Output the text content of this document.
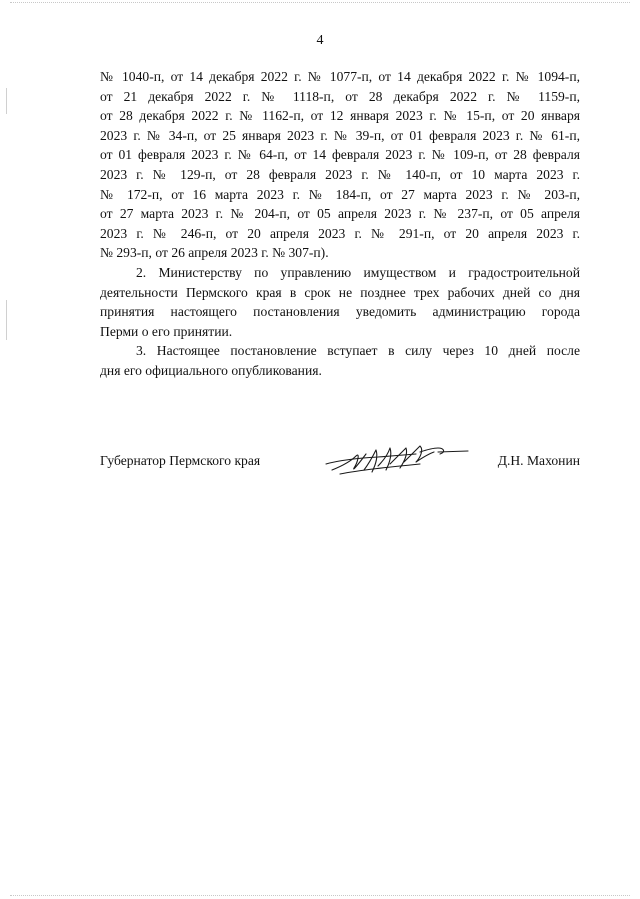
4

№ 1040-п, от 14 декабря 2022 г. № 1077-п, от 14 декабря 2022 г. № 1094-п,
от 21 декабря 2022 г. № 1118-п, от 28 декабря 2022 г. № 1159-п,
от 28 декабря 2022 г. № 1162-п, от 12 января 2023 г. № 15-п, от 20 января
2023 г. № 34-п, от 25 января 2023 г. № 39-п, от 01 февраля 2023 г. № 61-п,
от 01 февраля 2023 г. № 64-п, от 14 февраля 2023 г. № 109-п, от 28 февраля
2023 г. № 129-п, от 28 февраля 2023 г. № 140-п, от 10 марта 2023 г.
№ 172-п, от 16 марта 2023 г. № 184-п, от 27 марта 2023 г. № 203-п,
от 27 марта 2023 г. № 204-п, от 05 апреля 2023 г. № 237-п, от 05 апреля
2023 г. № 246-п, от 20 апреля 2023 г. № 291-п, от 20 апреля 2023 г.
№ 293-п, от 26 апреля 2023 г. № 307-п).

2. Министерству по управлению имуществом и градостроительной
деятельности Пермского края в срок не позднее трех рабочих дней со дня
принятия настоящего постановления уведомить администрацию города
Перми о его принятии.

3. Настоящее постановление вступает в силу через 10 дней после
дня его официального опубликования.

Губернатор Пермского края	Д.Н. Махонин
